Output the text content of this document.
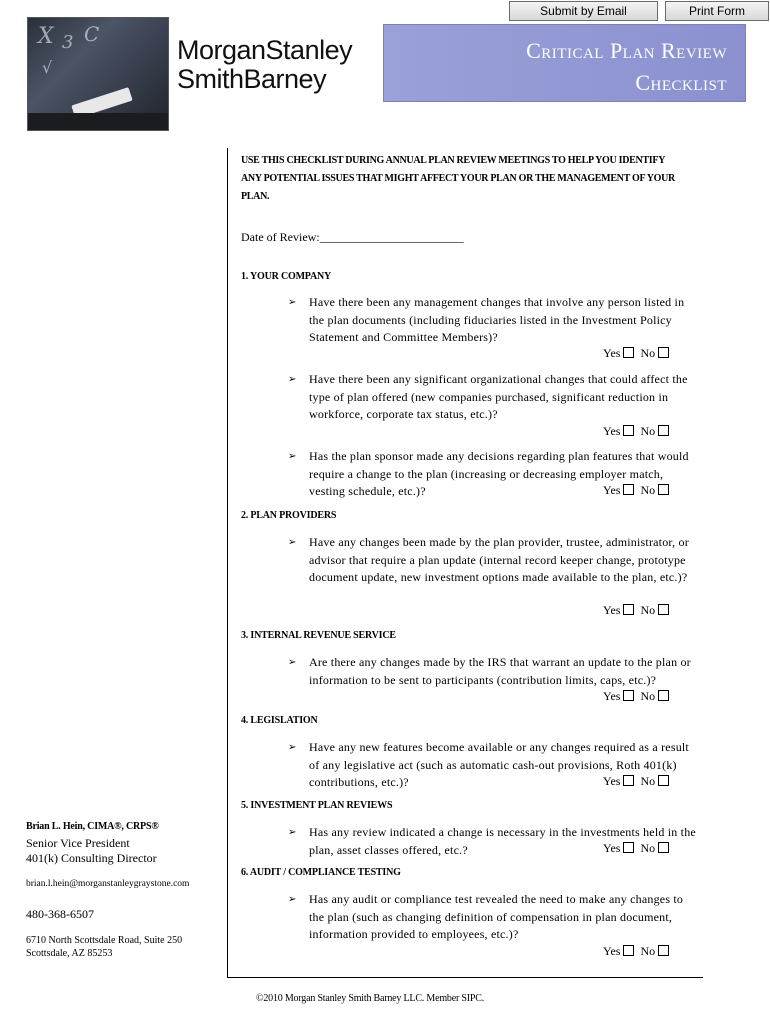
Submit by Email	Print Form
X 3 C
√
MorganStanley
SmithBarney
Critical Plan Review
Checklist
USE THIS CHECKLIST DURING ANNUAL PLAN REVIEW MEETINGS TO HELP YOU IDENTIFY ANY POTENTIAL ISSUES THAT MIGHT AFFECT YOUR PLAN OR THE MANAGEMENT OF YOUR PLAN.
Date of Review:________________________
1. YOUR COMPANY
➢ Have there been any management changes that involve any person listed in the plan documents (including fiduciaries listed in the Investment Policy Statement and Committee Members)?
Yes No
➢ Have there been any significant organizational changes that could affect the type of plan offered (new companies purchased, significant reduction in workforce, corporate tax status, etc.)?
Yes No
➢ Has the plan sponsor made any decisions regarding plan features that would require a change to the plan (increasing or decreasing employer match, vesting schedule, etc.)?	Yes No
2. PLAN PROVIDERS
➢ Have any changes been made by the plan provider, trustee, administrator, or advisor that require a plan update (internal record keeper change, prototype document update, new investment options made available to the plan, etc.)?
Yes No
3. INTERNAL REVENUE SERVICE
➢ Are there any changes made by the IRS that warrant an update to the plan or information to be sent to participants (contribution limits, caps, etc.)?
Yes No
4. LEGISLATION
➢ Have any new features become available or any changes required as a result of any legislative act (such as automatic cash-out provisions, Roth 401(k) contributions, etc.)?	Yes No
5. INVESTMENT PLAN REVIEWS
➢ Has any review indicated a change is necessary in the investments held in the plan, asset classes offered, etc.?	Yes No
6. AUDIT / COMPLIANCE TESTING
➢ Has any audit or compliance test revealed the need to make any changes to the plan (such as changing definition of compensation in plan document, information provided to employees, etc.)?
Yes No
Brian L. Hein, CIMA®, CRPS®
Senior Vice President
401(k) Consulting Director
brian.l.hein@morganstanleygraystone.com
480-368-6507
6710 North Scottsdale Road, Suite 250
Scottsdale, AZ 85253
©2010 Morgan Stanley Smith Barney LLC. Member SIPC.
